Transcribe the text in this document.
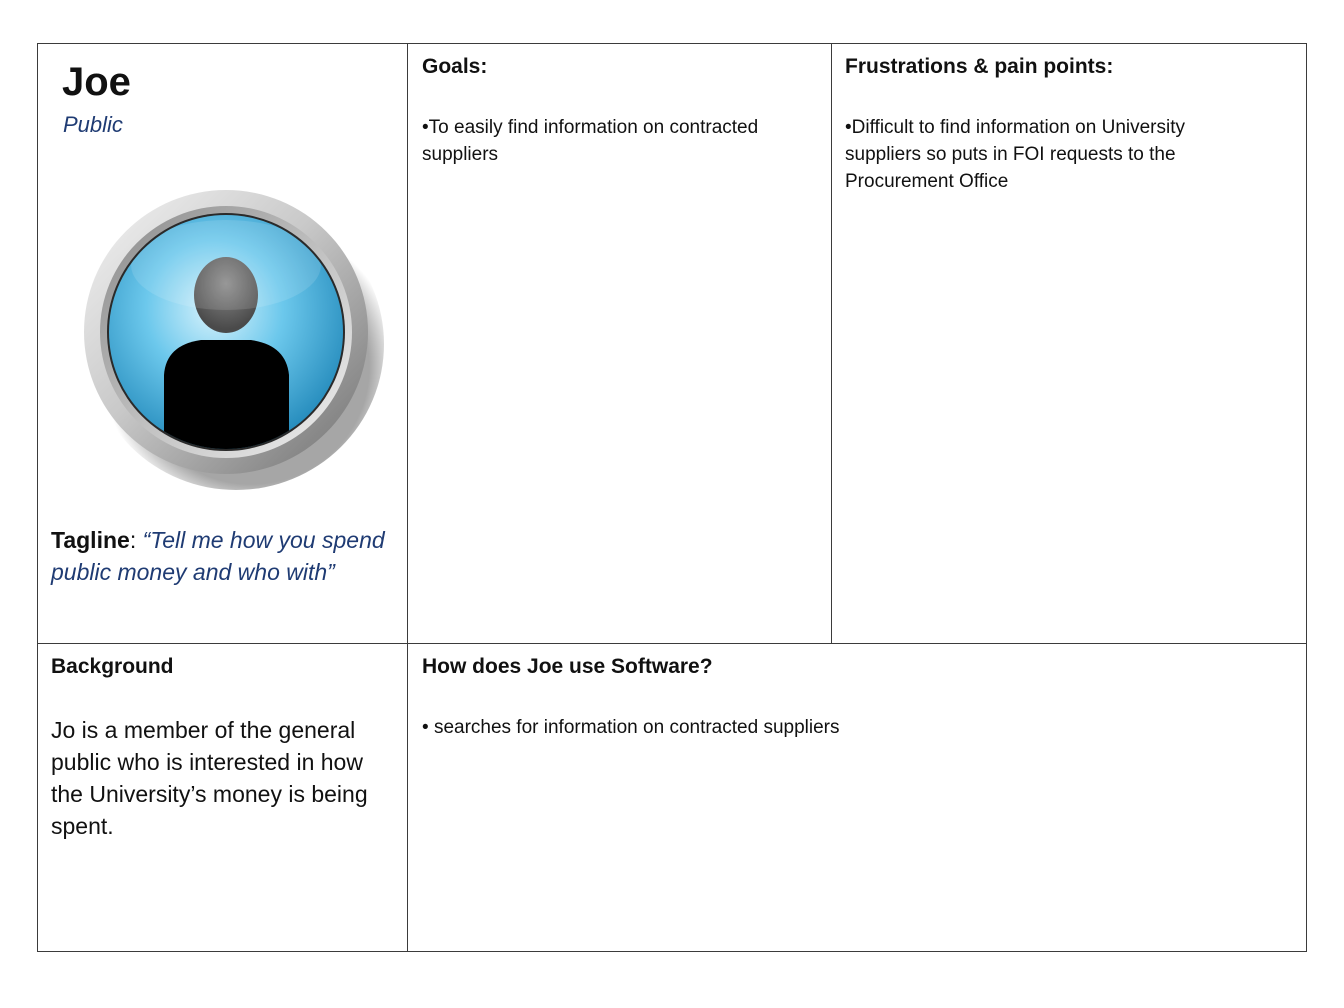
Joe
Public
Tagline: “Tell me how you spend public money and who with”
Goals:
•To easily find information on contracted suppliers
Frustrations & pain points:
•Difficult to find information on University suppliers so puts in FOI requests to the Procurement Office
Background
Jo is a member of the general public who is interested in how the University’s money is being spent.
How does Joe use Software?
• searches for information on contracted suppliers
